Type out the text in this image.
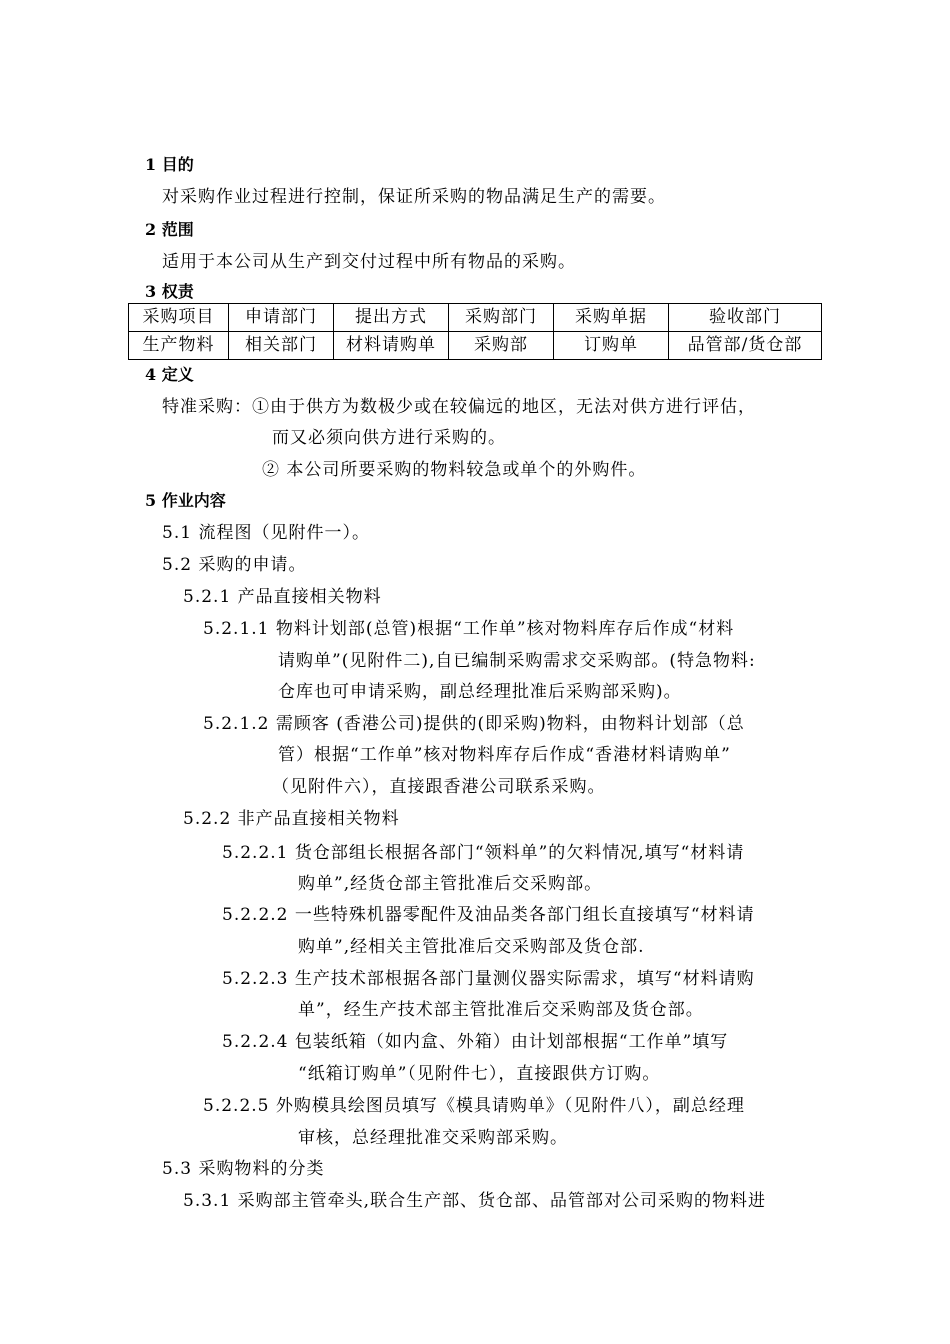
1 目的
对采购作业过程进行控制，保证所采购的物品满足生产的需要。
2 范围
适用于本公司从生产到交付过程中所有物品的采购。
3 权责
采购项目	申请部门	提出方式	采购部门	采购单据	验收部门
生产物料	相关部门	材料请购单	采购部	订购单	品管部/货仓部
4 定义
特准采购：①由于供方为数极少或在较偏远的地区，无法对供方进行评估，
而又必须向供方进行采购的。
② 本公司所要采购的物料较急或单个的外购件。
5 作业内容
5.1 流程图（见附件一）。
5.2 采购的申请。
5.2.1 产品直接相关物料
5.2.1.1 物料计划部(总管)根据“工作单”核对物料库存后作成“材料
请购单”(见附件二),自已编制采购需求交采购部。(特急物料:
仓库也可申请采购，副总经理批准后采购部采购)。
5.2.1.2 需顾客 (香港公司)提供的(即采购)物料，由物料计划部（总
管）根据“工作单”核对物料库存后作成“香港材料请购单”
（见附件六），直接跟香港公司联系采购。
5.2.2 非产品直接相关物料
5.2.2.1 货仓部组长根据各部门“领料单”的欠料情况,填写“材料请
购单”,经货仓部主管批准后交采购部。
5.2.2.2 一些特殊机器零配件及油品类各部门组长直接填写“材料请
购单”,经相关主管批准后交采购部及货仓部.
5.2.2.3 生产技术部根据各部门量测仪器实际需求，填写“材料请购
单”，经生产技术部主管批准后交采购部及货仓部。
5.2.2.4 包装纸箱（如内盒、外箱）由计划部根据“工作单”填写
“纸箱订购单”（见附件七），直接跟供方订购。
5.2.2.5 外购模具绘图员填写《模具请购单》（见附件八），副总经理
审核，总经理批准交采购部采购。
5.3 采购物料的分类
5.3.1 采购部主管牵头,联合生产部、货仓部、品管部对公司采购的物料进
